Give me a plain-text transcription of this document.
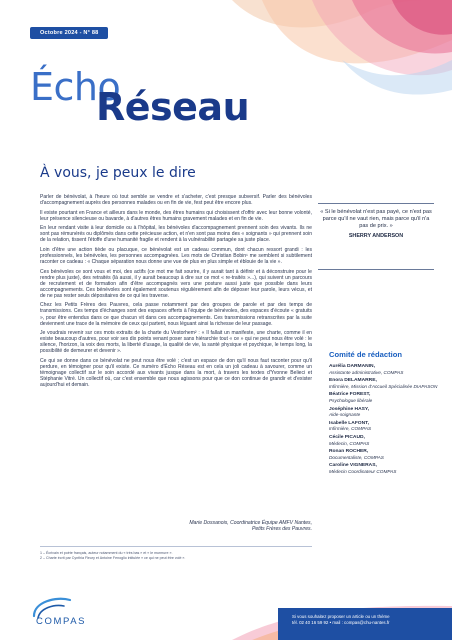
Octobre 2024 - N° 88
Écho
Réseau
À vous, je peux le dire

Parler de bénévolat, à l'heure où tout semble se vendre et s'acheter, c'est presque subversif. Parler des bénévoles d'accompagnement auprès des personnes malades ou en fin de vie, fest peut être encore plus.

Il existe pourtant en France et ailleurs dans le monde, des êtres humains qui choisissent d'offrir avec leur bonne volonté, leur présence silencieuse ou bavarde, à d'autres êtres humains gravement malades et en fin de vie.

En leur rendant visite à leur domicile ou à l'hôpital, les bénévoles d'accompagnement prennent soin des vivants. Ils ne sont pas rémunérés ou diplômés dans cette précieuse action, et n'en sont pas moins des « soignants » qui prennent soin de la relation, tissent l'étoffe d'une humanité fragile et rendent à la vulnérabilité partagée sa juste place.

Loin d'être une action tiède ou placuque, ce bénévolat est un cadeau commun, dont chacun ressort grandi : les professionnels, les bénévoles, les personnes accompagnées. Les mots de Christian Bobin¹ me semblent si subtilement raconter ce cadeau : « Chaque séparation nous donne une vue de plus en plus simple et éblouie de la vie ».

Ces bénévoles ce sont vous et moi, des actifs (ce mot me fait sourire, il y aurait tant à définir et à déconstruire pour le rendre plus juste), des retraités (là aussi, il y aurait beaucoup à dire sur ce mot « re-traités »...), qui suivent un parcours de recrutement et de formation afin d'être accompagnés vers une posture aussi juste que possible dans leurs accompagnements. Ces bénévoles sont également soutenus régulièrement afin de déposer leur parole, leurs vécus, et de ne pas rester seuls dépositaires de ce qui les traverse.

Chez les Petits Frères des Pauvres, cela passe notamment par des groupes de parole et par des temps de transmissions. Ces temps d'échanges sont des espaces offerts à l'équipe de bénévoles, des espaces d'écoute « gratuits », pour être entendus dans ce que chacun vit dans ces accompagnements. Ces transmissions retranscrites par la suite deviennent une trace de la mémoire de ceux qui partent, nous léguant ainsi la richesse de leur passage.

Je voudrais revenir sur ces mots extraits de la charte du Vestorhem² : « Il fallait un manifeste, une charte, comme il en existe beaucoup d'autres, pour voir ses dix points venant poser sans hiérarchie tout « ce » qui ne peut nous être volé : le silence, l'horizon, la voix des morts, la liberté d'usage, la qualité de vie, la santé physique et psychique, le temps long, la possibilité de demeurer et devenir ».

Ce qui se donne dans ce bénévolat ne peut nous être volé ; c'est un espace de don qu'il nous faut raconter pour qu'il perdure, en témoigner pour qu'il existe. Ce numéro d'Écho Réseau est en cela un joli cadeau à savourer, comme un témoignage collectif sur le soin accordé aux vivants jusque dans la mort, à travers les textes d'Yvonne Belieci et Stéphanie Vitré. Un collectif où, car c'est ensemble que nous agissons pour que ce don continue de grandir et d'exister aujourd'hui et demain.

Marie Dossanois, Coordinatrice Équipe AMFV Nantes,
Petits Frères des Pauvres.
1 – Écrivain et poète français, auteur notamment du « très bas » et « le murmure ».
2 – Charte écrit par Cynthia Fleury et Antoine Fenoglio intitulée « ce qui ne peut être volé ».
« Si le bénévolat n'est pas payé, ce n'est pas parce qu'il ne vaut rien, mais parce qu'il n'a pas de prix. »
SHERRY ANDERSON
Comité de rédaction
Aurélia DARMANIN,
Assistante administrative, COMPAS
Enora DELAMARRE,
Infirmière, Mission d'Accueil Spécialisée DIAPASON
Béatrice FOREST,
Psychologue libérale
Joséphine HASY,
Aide-soignante
Isabelle LAFONT,
Infirmière, COMPAS
Cécile PICAUD,
Médecin, COMPAS
Ronan ROCHER,
Documentaliste, COMPAS
Caroline VIGNERAS,
Médecin Coordinateur COMPAS
COMPAS	Si vous souhaitez proposer un article ou un thème
tél. 02 40 16 59 92 • mail : compas@chu-nantes.fr
